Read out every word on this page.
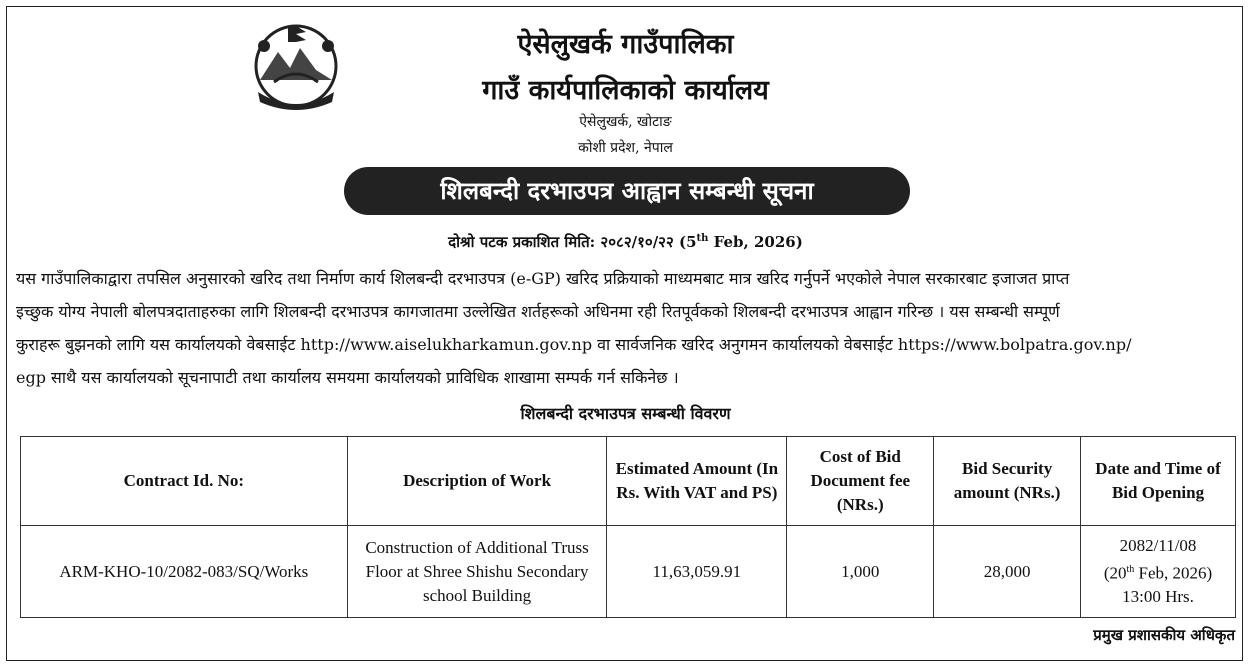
ऐसेलुखर्क गाउँपालिका
गाउँ कार्यपालिकाको कार्यालय
ऐसेलुखर्क, खोटाङ
कोशी प्रदेश, नेपाल
शिलबन्दी दरभाउपत्र आह्वान सम्बन्धी सूचना
दोश्रो पटक प्रकाशित मिति: २०८२/१०/२२ (5th Feb, 2026)

यस गाउँपालिकाद्वारा तपसिल अनुसारको खरिद तथा निर्माण कार्य शिलबन्दी दरभाउपत्र (e-GP) खरिद प्रक्रियाको माध्यमबाट मात्र खरिद गर्नुपर्ने भएकोले नेपाल सरकारबाट इजाजत प्राप्त

इच्छुक योग्य नेपाली बोलपत्रदाताहरुका लागि शिलबन्दी दरभाउपत्र कागजातमा उल्लेखित शर्तहरूको अधिनमा रही रितपूर्वकको शिलबन्दी दरभाउपत्र आह्वान गरिन्छ । यस सम्बन्धी सम्पूर्ण

कुराहरू बुझनको लागि यस कार्यालयको वेबसाईट http://www.aiselukharkamun.gov.np वा सार्वजनिक खरिद अनुगमन कार्यालयको वेबसाईट https://www.bolpatra.gov.np/

egp साथै यस कार्यालयको सूचनापाटी तथा कार्यालय समयमा कार्यालयको प्राविधिक शाखामा सम्पर्क गर्न सकिनेछ ।

शिलबन्दी दरभाउपत्र सम्बन्धी विवरण
Contract Id. No:	Description of Work	Estimated Amount (In Rs. With VAT and PS)	Cost of Bid Document fee (NRs.)	Bid Security amount (NRs.)	Date and Time of Bid Opening
ARM-KHO-10/2082-083/SQ/Works	Construction of Additional Truss Floor at Shree Shishu Secondary school Building	11,63,059.91	1,000	28,000	2082/11/08
(20th Feb, 2026)
13:00 Hrs.
प्रमुख प्रशासकीय अधिकृत
